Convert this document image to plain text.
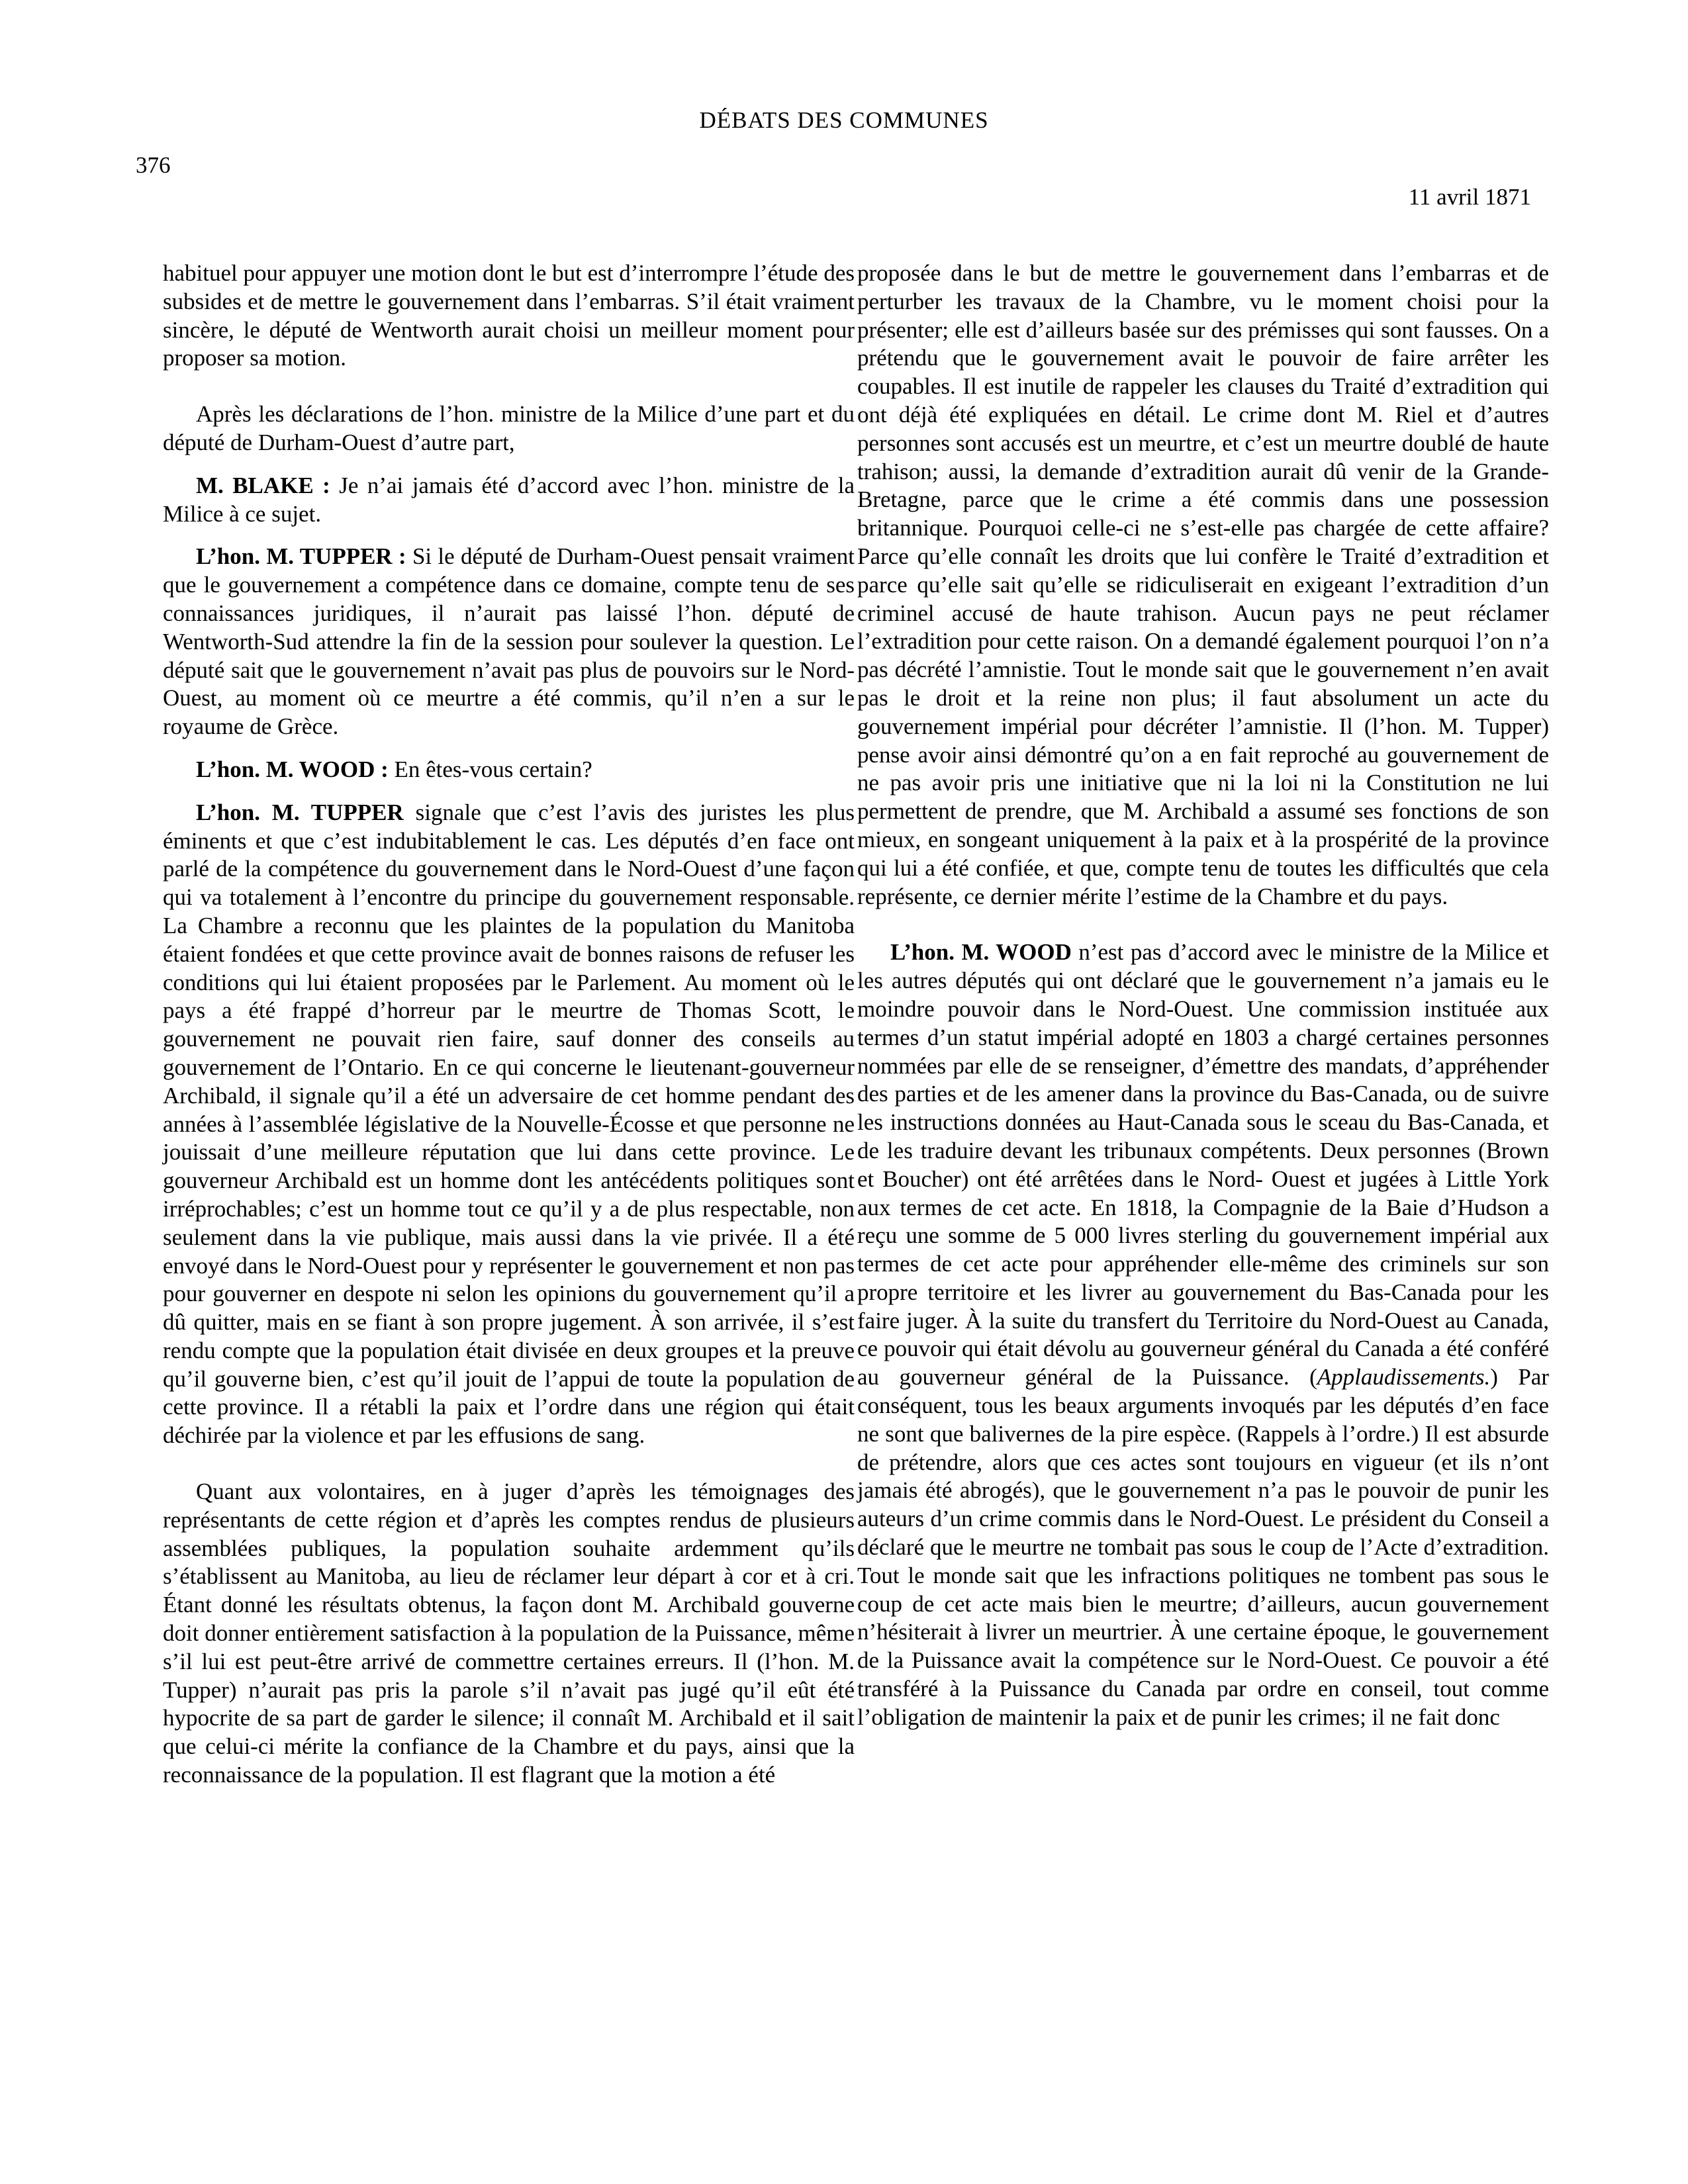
DÉBATS DES COMMUNES
376
11 avril 1871

habituel pour appuyer une motion dont le but est d’interrompre l’étude des subsides et de mettre le gouvernement dans l’embarras. S’il était vraiment sincère, le député de Wentworth aurait choisi un meilleur moment pour proposer sa motion.

Après les déclarations de l’hon. ministre de la Milice d’une part et du député de Durham-Ouest d’autre part,

M. BLAKE : Je n’ai jamais été d’accord avec l’hon. ministre de la Milice à ce sujet.

L’hon. M. TUPPER : Si le député de Durham-Ouest pensait vraiment que le gouvernement a compétence dans ce domaine, compte tenu de ses connaissances juridiques, il n’aurait pas laissé l’hon. député de Wentworth-Sud attendre la fin de la session pour soulever la question. Le député sait que le gouvernement n’avait pas plus de pouvoirs sur le Nord-Ouest, au moment où ce meurtre a été commis, qu’il n’en a sur le royaume de Grèce.

L’hon. M. WOOD : En êtes-vous certain?

L’hon. M. TUPPER signale que c’est l’avis des juristes les plus éminents et que c’est indubitablement le cas. Les députés d’en face ont parlé de la compétence du gouvernement dans le Nord-Ouest d’une façon qui va totalement à l’encontre du principe du gouvernement responsable. La Chambre a reconnu que les plaintes de la population du Manitoba étaient fondées et que cette province avait de bonnes raisons de refuser les conditions qui lui étaient proposées par le Parlement. Au moment où le pays a été frappé d’horreur par le meurtre de Thomas Scott, le gouvernement ne pouvait rien faire, sauf donner des conseils au gouvernement de l’Ontario. En ce qui concerne le lieutenant-gouverneur Archibald, il signale qu’il a été un adversaire de cet homme pendant des années à l’assemblée législative de la Nouvelle-Écosse et que personne ne jouissait d’une meilleure réputation que lui dans cette province. Le gouverneur Archibald est un homme dont les antécédents politiques sont irréprochables; c’est un homme tout ce qu’il y a de plus respectable, non seulement dans la vie publique, mais aussi dans la vie privée. Il a été envoyé dans le Nord-Ouest pour y représenter le gouvernement et non pas pour gouverner en despote ni selon les opinions du gouvernement qu’il a dû quitter, mais en se fiant à son propre jugement. À son arrivée, il s’est rendu compte que la population était divisée en deux groupes et la preuve qu’il gouverne bien, c’est qu’il jouit de l’appui de toute la population de cette province. Il a rétabli la paix et l’ordre dans une région qui était déchirée par la violence et par les effusions de sang.

Quant aux volontaires, en à juger d’après les témoignages des représentants de cette région et d’après les comptes rendus de plusieurs assemblées publiques, la population souhaite ardemment qu’ils s’établissent au Manitoba, au lieu de réclamer leur départ à cor et à cri. Étant donné les résultats obtenus, la façon dont M. Archibald gouverne doit donner entièrement satisfaction à la population de la Puissance, même s’il lui est peut-être arrivé de commettre certaines erreurs. Il (l’hon. M. Tupper) n’aurait pas pris la parole s’il n’avait pas jugé qu’il eût été hypocrite de sa part de garder le silence; il connaît M. Archibald et il sait que celui-ci mérite la confiance de la Chambre et du pays, ainsi que la reconnaissance de la population. Il est flagrant que la motion a été

proposée dans le but de mettre le gouvernement dans l’embarras et de perturber les travaux de la Chambre, vu le moment choisi pour la présenter; elle est d’ailleurs basée sur des prémisses qui sont fausses. On a prétendu que le gouvernement avait le pouvoir de faire arrêter les coupables. Il est inutile de rappeler les clauses du Traité d’extradition qui ont déjà été expliquées en détail. Le crime dont M. Riel et d’autres personnes sont accusés est un meurtre, et c’est un meurtre doublé de haute trahison; aussi, la demande d’extradition aurait dû venir de la Grande-Bretagne, parce que le crime a été commis dans une possession britannique. Pourquoi celle-ci ne s’est-elle pas chargée de cette affaire? Parce qu’elle connaît les droits que lui confère le Traité d’extradition et parce qu’elle sait qu’elle se ridiculiserait en exigeant l’extradition d’un criminel accusé de haute trahison. Aucun pays ne peut réclamer l’extradition pour cette raison. On a demandé également pourquoi l’on n’a pas décrété l’amnistie. Tout le monde sait que le gouvernement n’en avait pas le droit et la reine non plus; il faut absolument un acte du gouvernement impérial pour décréter l’amnistie. Il (l’hon. M. Tupper) pense avoir ainsi démontré qu’on a en fait reproché au gouvernement de ne pas avoir pris une initiative que ni la loi ni la Constitution ne lui permettent de prendre, que M. Archibald a assumé ses fonctions de son mieux, en songeant uniquement à la paix et à la prospérité de la province qui lui a été confiée, et que, compte tenu de toutes les difficultés que cela représente, ce dernier mérite l’estime de la Chambre et du pays.

L’hon. M. WOOD n’est pas d’accord avec le ministre de la Milice et les autres députés qui ont déclaré que le gouvernement n’a jamais eu le moindre pouvoir dans le Nord-Ouest. Une commission instituée aux termes d’un statut impérial adopté en 1803 a chargé certaines personnes nommées par elle de se renseigner, d’émettre des mandats, d’appréhender des parties et de les amener dans la province du Bas-Canada, ou de suivre les instructions données au Haut-Canada sous le sceau du Bas-Canada, et de les traduire devant les tribunaux compétents. Deux personnes (Brown et Boucher) ont été arrêtées dans le Nord- Ouest et jugées à Little York aux termes de cet acte. En 1818, la Compagnie de la Baie d’Hudson a reçu une somme de 5 000 livres sterling du gouvernement impérial aux termes de cet acte pour appréhender elle-même des criminels sur son propre territoire et les livrer au gouvernement du Bas-Canada pour les faire juger. À la suite du transfert du Territoire du Nord-Ouest au Canada, ce pouvoir qui était dévolu au gouverneur général du Canada a été conféré au gouverneur général de la Puissance. (Applaudissements.) Par conséquent, tous les beaux arguments invoqués par les députés d’en face ne sont que balivernes de la pire espèce. (Rappels à l’ordre.) Il est absurde de prétendre, alors que ces actes sont toujours en vigueur (et ils n’ont jamais été abrogés), que le gouvernement n’a pas le pouvoir de punir les auteurs d’un crime commis dans le Nord-Ouest. Le président du Conseil a déclaré que le meurtre ne tombait pas sous le coup de l’Acte d’extradition. Tout le monde sait que les infractions politiques ne tombent pas sous le coup de cet acte mais bien le meurtre; d’ailleurs, aucun gouvernement n’hésiterait à livrer un meurtrier. À une certaine époque, le gouvernement de la Puissance avait la compétence sur le Nord-Ouest. Ce pouvoir a été transféré à la Puissance du Canada par ordre en conseil, tout comme l’obligation de maintenir la paix et de punir les crimes; il ne fait donc
